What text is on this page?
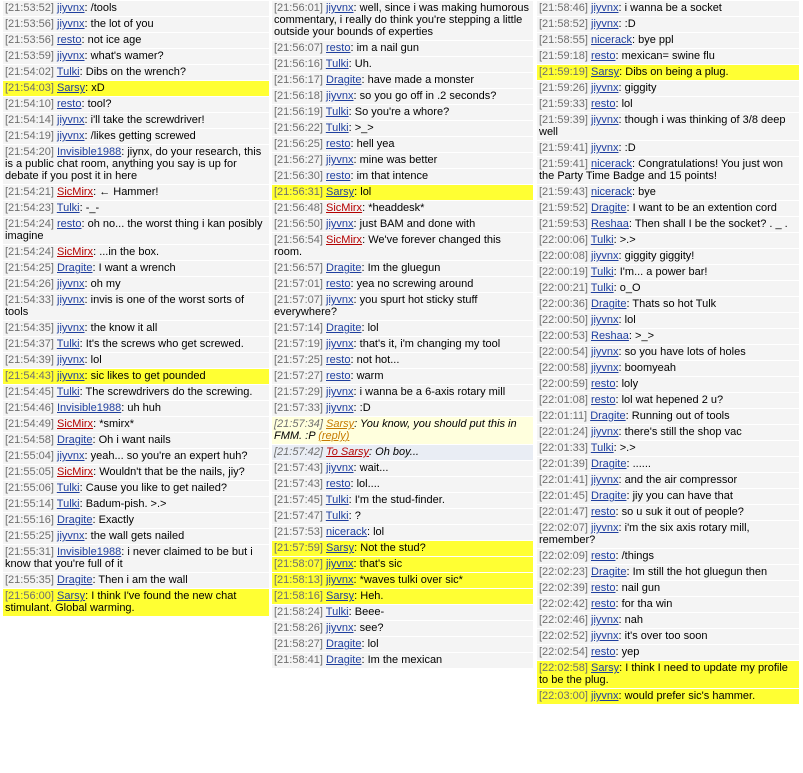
[21:53:52] jiyvnx: /tools
[21:53:56] jiyvnx: the lot of you
[21:53:56] resto: not ice age
[21:53:59] jiyvnx: what's wamer?
[21:54:02] Tulki: Dibs on the wrench?
[21:54:03] Sarsy: xD
[21:54:10] resto: tool?
[21:54:14] jiyvnx: i'll take the screwdriver!
[21:54:19] jiyvnx: /likes getting screwed
[21:54:20] Invisible1988: jiynx, do your research, this is a public chat room, anything you say is up for debate if you post it in here
[21:54:21] SicMirx: ← Hammer!
[21:54:23] Tulki: -_-
[21:54:24] resto: oh no... the worst thing i kan posibly imagine
[21:54:24] SicMirx: ...in the box.
[21:54:25] Dragite: I want a wrench
[21:54:26] jiyvnx: oh my
[21:54:33] jiyvnx: invis is one of the worst sorts of tools
[21:54:35] jiyvnx: the know it all
[21:54:37] Tulki: It's the screws who get screwed.
[21:54:39] jiyvnx: lol
[21:54:43] jiyvnx: sic likes to get pounded
[21:54:45] Tulki: The screwdrivers do the screwing.
[21:54:46] Invisible1988: uh huh
[21:54:49] SicMirx: *smirx*
[21:54:58] Dragite: Oh i want nails
[21:55:04] jiyvnx: yeah... so you're an expert huh?
[21:55:05] SicMirx: Wouldn't that be the nails, jiy?
[21:55:06] Tulki: Cause you like to get nailed?
[21:55:14] Tulki: Badum-pish. >.>
[21:55:16] Dragite: Exactly
[21:55:25] jiyvnx: the wall gets nailed
[21:55:31] Invisible1988: i never claimed to be but i know that you're full of it
[21:55:35] Dragite: Then i am the wall
[21:56:00] Sarsy: I think I've found the new chat stimulant. Global warming.
[21:56:01] jiyvnx: well, since i was making humorous commentary, i really do think you're stepping a little outside your bounds of experties
[21:56:07] resto: im a nail gun
[21:56:16] Tulki: Uh.
[21:56:17] Dragite: have made a monster
[21:56:18] jiyvnx: so you go off in .2 seconds?
[21:56:19] Tulki: So you're a whore?
[21:56:22] Tulki: >_>
[21:56:25] resto: hell yea
[21:56:27] jiyvnx: mine was better
[21:56:30] resto: im that intence
[21:56:31] Sarsy: lol
[21:56:48] SicMirx: *headdesk*
[21:56:50] jiyvnx: just BAM and done with
[21:56:54] SicMirx: We've forever changed this room.
[21:56:57] Dragite: Im the gluegun
[21:57:01] resto: yea no screwing around
[21:57:07] jiyvnx: you spurt hot sticky stuff everywhere?
[21:57:14] Dragite: lol
[21:57:19] jiyvnx: that's it, i'm changing my tool
[21:57:25] resto: not hot...
[21:57:27] resto: warm
[21:57:29] jiyvnx: i wanna be a 6-axis rotary mill
[21:57:33] jiyvnx: :D
[21:57:34] Sarsy: You know, you should put this in FMM. :P (reply)
[21:57:42] To Sarsy: Oh boy...
[21:57:43] jiyvnx: wait...
[21:57:43] resto: lol....
[21:57:45] Tulki: I'm the stud-finder.
[21:57:47] Tulki: ?
[21:57:53] nicerack: lol
[21:57:59] Sarsy: Not the stud?
[21:58:07] jiyvnx: that's sic
[21:58:13] jiyvnx: *waves tulki over sic*
[21:58:16] Sarsy: Heh.
[21:58:24] Tulki: Beee-
[21:58:26] jiyvnx: see?
[21:58:27] Dragite: lol
[21:58:41] Dragite: Im the mexican
[21:58:46] jiyvnx: i wanna be a socket
[21:58:52] jiyvnx: :D
[21:58:55] nicerack: bye ppl
[21:59:18] resto: mexican= swine flu
[21:59:19] Sarsy: Dibs on being a plug.
[21:59:26] jiyvnx: giggity
[21:59:33] resto: lol
[21:59:39] jiyvnx: though i was thinking of 3/8 deep well
[21:59:41] jiyvnx: :D
[21:59:41] nicerack: Congratulations! You just won the Party Time Badge and 15 points!
[21:59:43] nicerack: bye
[21:59:52] Dragite: I want to be an extention cord
[21:59:53] Reshaa: Then shall I be the socket? . _ .
[22:00:06] Tulki: >.>
[22:00:08] jiyvnx: giggity giggity!
[22:00:19] Tulki: I'm... a power bar!
[22:00:21] Tulki: o_O
[22:00:36] Dragite: Thats so hot Tulk
[22:00:50] jiyvnx: lol
[22:00:53] Reshaa: >_>
[22:00:54] jiyvnx: so you have lots of holes
[22:00:58] jiyvnx: boomyeah
[22:00:59] resto: loly
[22:01:08] resto: lol wat hepened 2 u?
[22:01:11] Dragite: Running out of tools
[22:01:24] jiyvnx: there's still the shop vac
[22:01:33] Tulki: >.>
[22:01:39] Dragite: ......
[22:01:41] jiyvnx: and the air compressor
[22:01:45] Dragite: jiy you can have that
[22:01:47] resto: so u suk it out of people?
[22:02:07] jiyvnx: i'm the six axis rotary mill, remember?
[22:02:09] resto: /things
[22:02:23] Dragite: Im still the hot gluegun then
[22:02:39] resto: nail gun
[22:02:42] resto: for tha win
[22:02:46] jiyvnx: nah
[22:02:52] jiyvnx: it's over too soon
[22:02:54] resto: yep
[22:02:58] Sarsy: I think I need to update my profile to be the plug.
[22:03:00] jiyvnx: would prefer sic's hammer.
